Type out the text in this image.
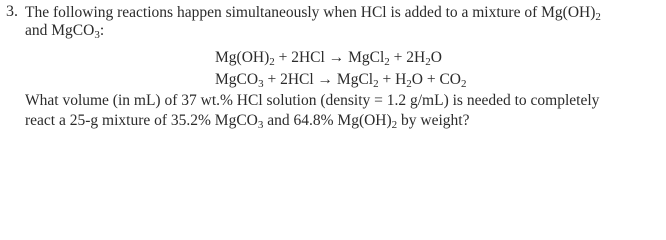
3. The following reactions happen simultaneously when HCl is added to a mixture of $Mg(OH)_2$
and MgCO$_3$:
$Mg(OH)_2 + 2HCl$ → MgCl$_2$ + $2H_2O$
MgCO$_3$ + 2HCl → MgCl$_2$ + $H_2O + CO_2$
What volume (in mL) of 37 wt.% HCl solution (density = 1.2 g/mL) is needed to completely
react a 25-g mixture of 35.2% MgCO$_3$ and 64.8% $Mg(OH)_2$ by weight?
